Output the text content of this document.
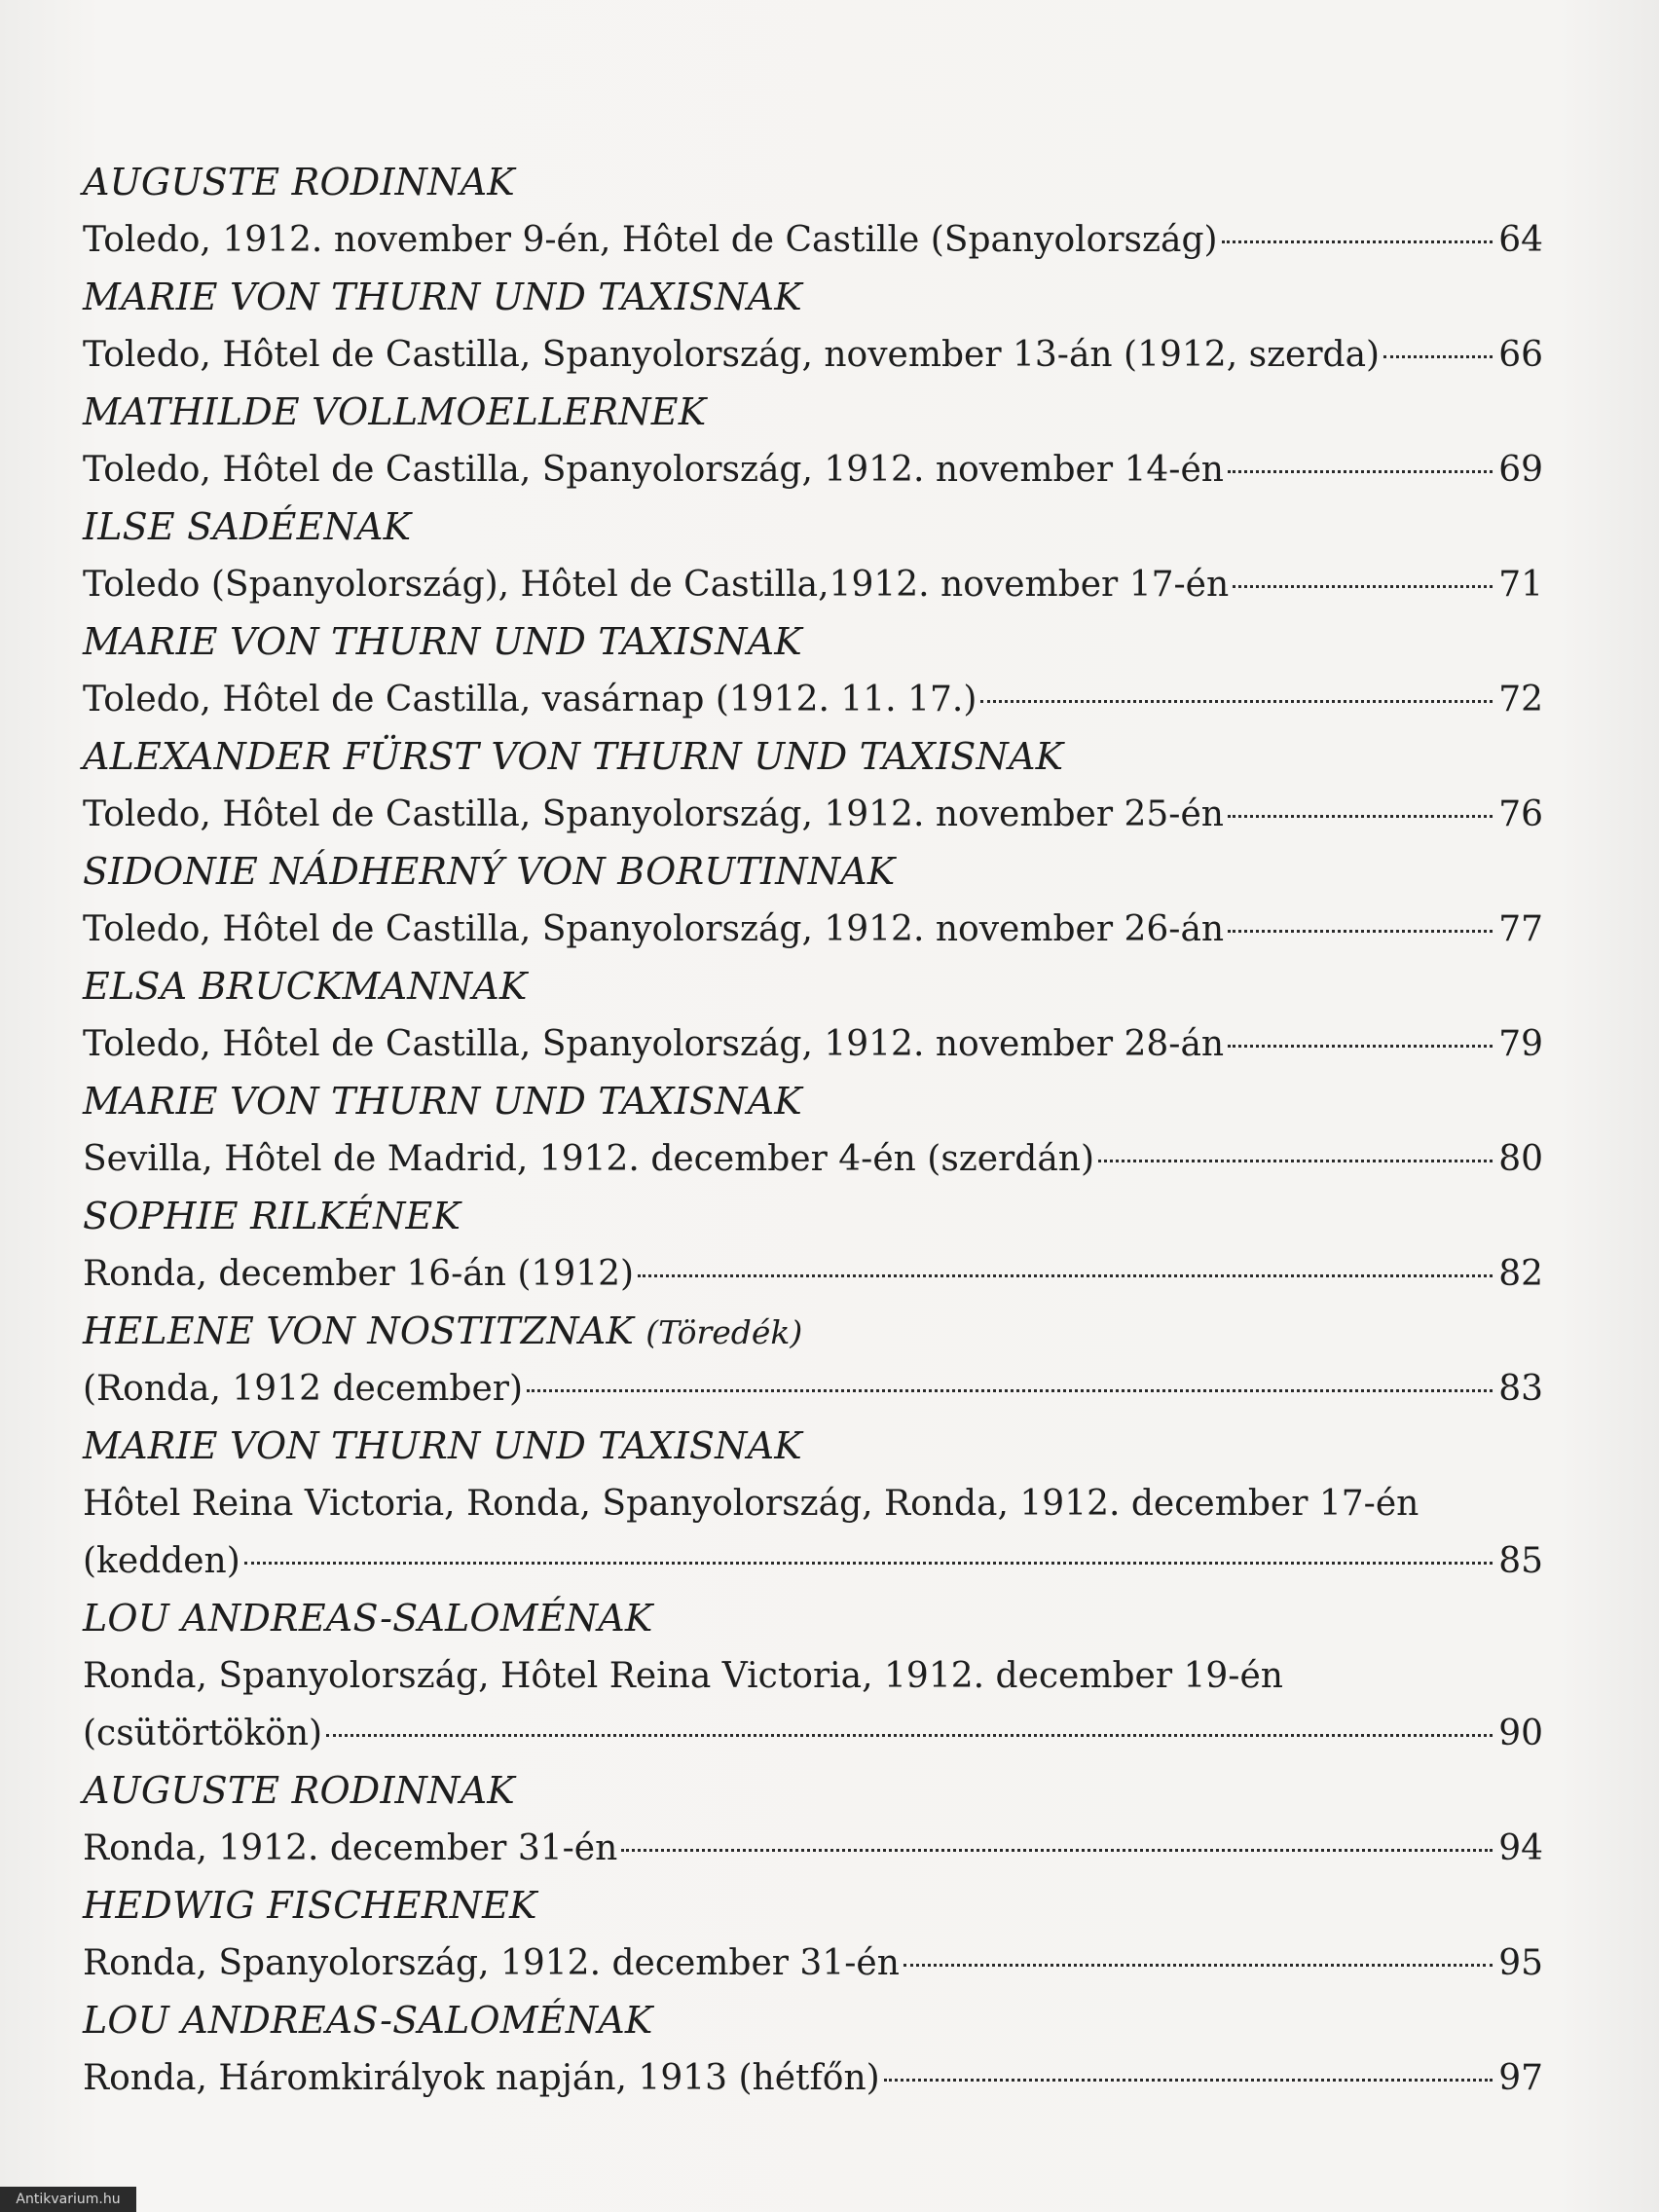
AUGUSTE RODINNAK
Toledo, 1912. november 9-én, Hôtel de Castille (Spanyolország)	64
MARIE VON THURN UND TAXISNAK
Toledo, Hôtel de Castilla, Spanyolország, november 13-án (1912, szerda)	66
MATHILDE VOLLMOELLERNEK
Toledo, Hôtel de Castilla, Spanyolország, 1912. november 14-én	69
ILSE SADÉENAK
Toledo (Spanyolország), Hôtel de Castilla,1912. november 17-én	71
MARIE VON THURN UND TAXISNAK
Toledo, Hôtel de Castilla, vasárnap (1912. 11. 17.)	72
ALEXANDER FÜRST VON THURN UND TAXISNAK
Toledo, Hôtel de Castilla, Spanyolország, 1912. november 25-én	76
SIDONIE NÁDHERNÝ VON BORUTINNAK
Toledo, Hôtel de Castilla, Spanyolország, 1912. november 26-án	77
ELSA BRUCKMANNAK
Toledo, Hôtel de Castilla, Spanyolország, 1912. november 28-án	79
MARIE VON THURN UND TAXISNAK
Sevilla, Hôtel de Madrid, 1912. december 4-én (szerdán)	80
SOPHIE RILKÉNEK
Ronda, december 16-án (1912)	82
HELENE VON NOSTITZNAK (Töredék)
(Ronda, 1912 december)	83
MARIE VON THURN UND TAXISNAK
Hôtel Reina Victoria, Ronda, Spanyolország, Ronda, 1912. december 17-én
(kedden)	85
LOU ANDREAS-SALOMÉNAK
Ronda, Spanyolország, Hôtel Reina Victoria, 1912. december 19-én
(csütörtökön)	90
AUGUSTE RODINNAK
Ronda, 1912. december 31-én	94
HEDWIG FISCHERNEK
Ronda, Spanyolország, 1912. december 31-én	95
LOU ANDREAS-SALOMÉNAK
Ronda, Háromkirályok napján, 1913 (hétfőn)	97
Antikvarium.hu
